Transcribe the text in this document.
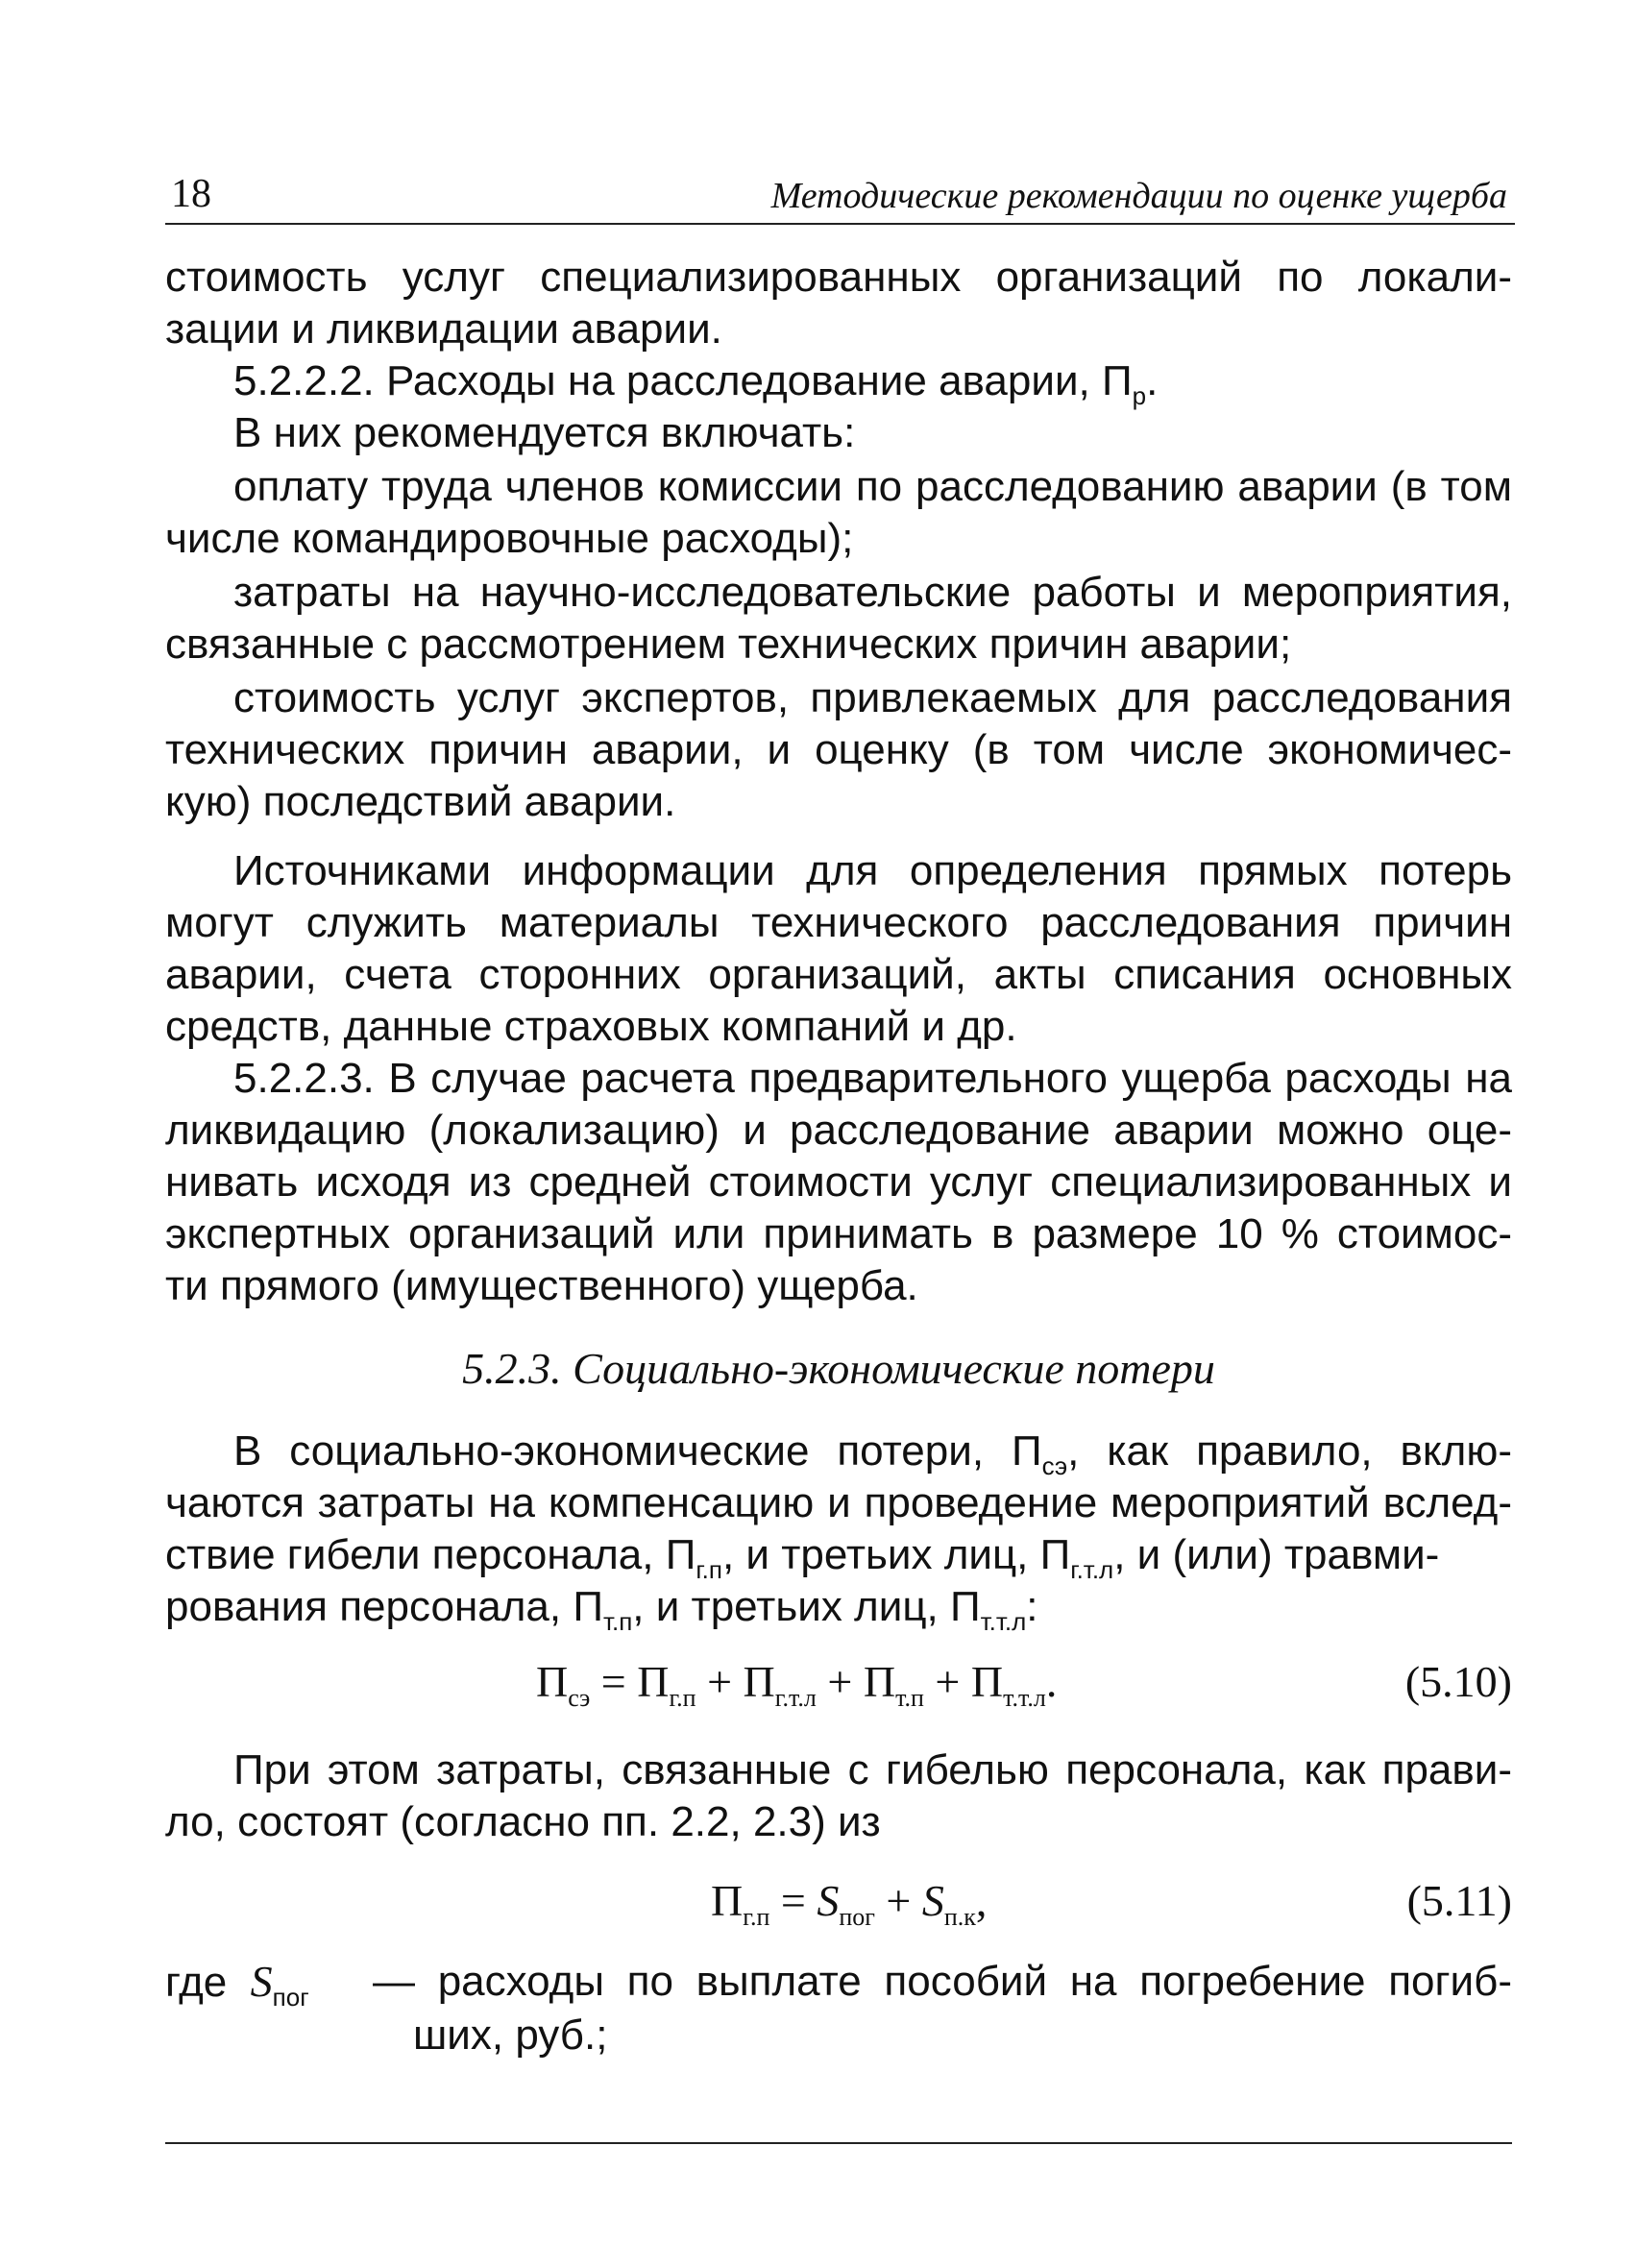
18	Методические рекомендации по оценке ущерба
стоимость услуг специализированных организаций по локали-
зации и ликвидации аварии.
5.2.2.2. Расходы на расследование аварии, $П_р$.
В них рекомендуется включать:
оплату труда членов комиссии по расследованию аварии (в том
числе командировочные расходы);
затраты на научно-исследовательские работы и мероприятия,
связанные с рассмотрением технических причин аварии;
стоимость услуг экспертов, привлекаемых для расследования
технических причин аварии, и оценку (в том числе экономичес-
кую) последствий аварии.
Источниками информации для определения прямых потерь
могут служить материалы технического расследования причин
аварии, счета сторонних организаций, акты списания основных
средств, данные страховых компаний и др.
5.2.2.3. В случае расчета предварительного ущерба расходы на
ликвидацию (локализацию) и расследование аварии можно оце-
нивать исходя из средней стоимости услуг специализированных и
экспертных организаций или принимать в размере 10 % стоимос-
ти прямого (имущественного) ущерба.
5.2.3. Социально-экономические потери
В социально-экономические потери, $П_{сэ}$, как правило, вклю-
чаются затраты на компенсацию и проведение мероприятий вслед-
ствие гибели персонала, $П_{г.п}$, и третьих лиц, $П_{г.т.л}$, и (или) травми-
рования персонала, $П_{т.п}$, и третьих лиц, $П_{т.т.л}$:
$П_{сэ} = П_{г.п} + П_{г.т.л} + П_{т.п} + П_{т.т.л}$.	(5.10)
При этом затраты, связанные с гибелью персонала, как прави-
ло, состоят (согласно пп. 2.2, 2.3) из
$П_{г.п} = S_{пог} + S_{п.к}$,	(5.11)
где $S_{пог}$	— расходы по выплате пособий на погребение погиб-
ших, руб.;
